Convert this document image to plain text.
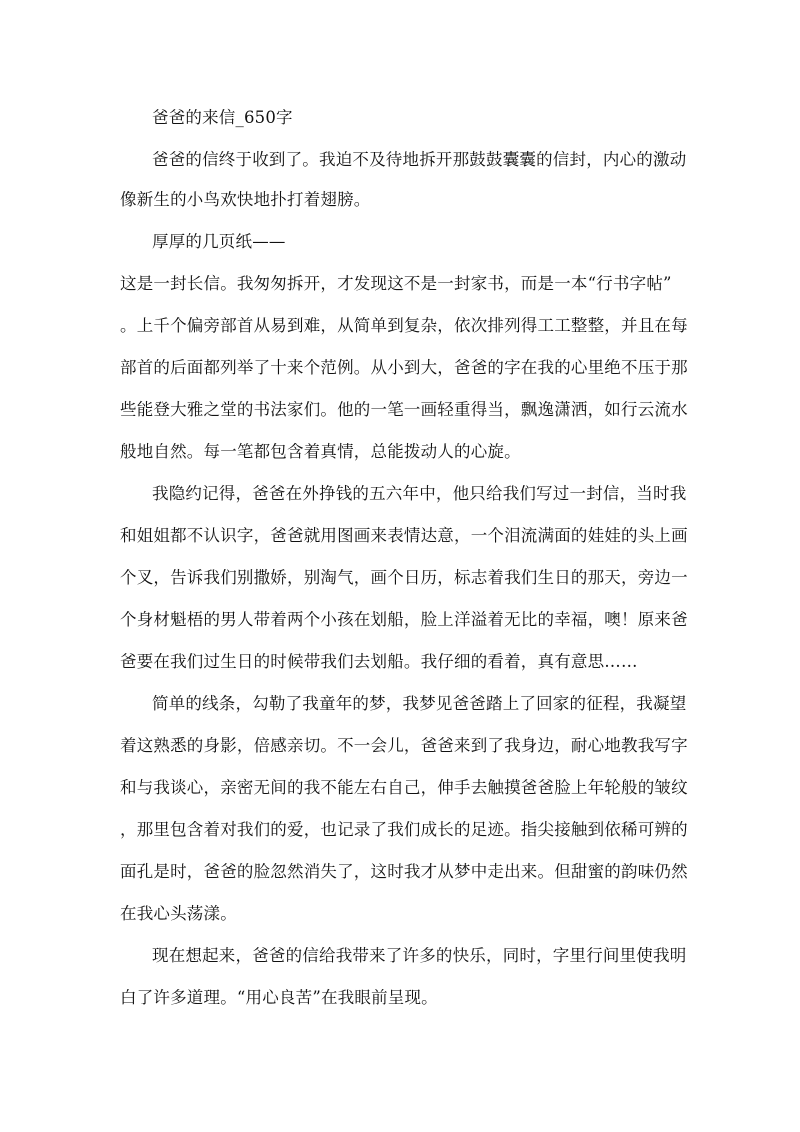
爸爸的来信_650字
爸爸的信终于收到了。我迫不及待地拆开那鼓鼓囊囊的信封，内心的激动
像新生的小鸟欢快地扑打着翅膀。
厚厚的几页纸——
这是一封长信。我匆匆拆开，才发现这不是一封家书，而是一本“行书字帖”
。上千个偏旁部首从易到难，从简单到复杂，依次排列得工工整整，并且在每
部首的后面都列举了十来个范例。从小到大，爸爸的字在我的心里绝不压于那
些能登大雅之堂的书法家们。他的一笔一画轻重得当，飘逸潇洒，如行云流水
般地自然。每一笔都包含着真情，总能拨动人的心旋。
我隐约记得，爸爸在外挣钱的五六年中，他只给我们写过一封信，当时我
和姐姐都不认识字，爸爸就用图画来表情达意，一个泪流满面的娃娃的头上画
个叉，告诉我们别撒娇，别淘气，画个日历，标志着我们生日的那天，旁边一
个身材魁梧的男人带着两个小孩在划船，脸上洋溢着无比的幸福，噢！原来爸
爸要在我们过生日的时候带我们去划船。我仔细的看着，真有意思……
简单的线条，勾勒了我童年的梦，我梦见爸爸踏上了回家的征程，我凝望
着这熟悉的身影，倍感亲切。不一会儿，爸爸来到了我身边，耐心地教我写字
和与我谈心，亲密无间的我不能左右自己，伸手去触摸爸爸脸上年轮般的皱纹
，那里包含着对我们的爱，也记录了我们成长的足迹。指尖接触到依稀可辨的
面孔是时，爸爸的脸忽然消失了，这时我才从梦中走出来。但甜蜜的韵味仍然
在我心头荡漾。
现在想起来，爸爸的信给我带来了许多的快乐，同时，字里行间里使我明
白了许多道理。“用心良苦”在我眼前呈现。
